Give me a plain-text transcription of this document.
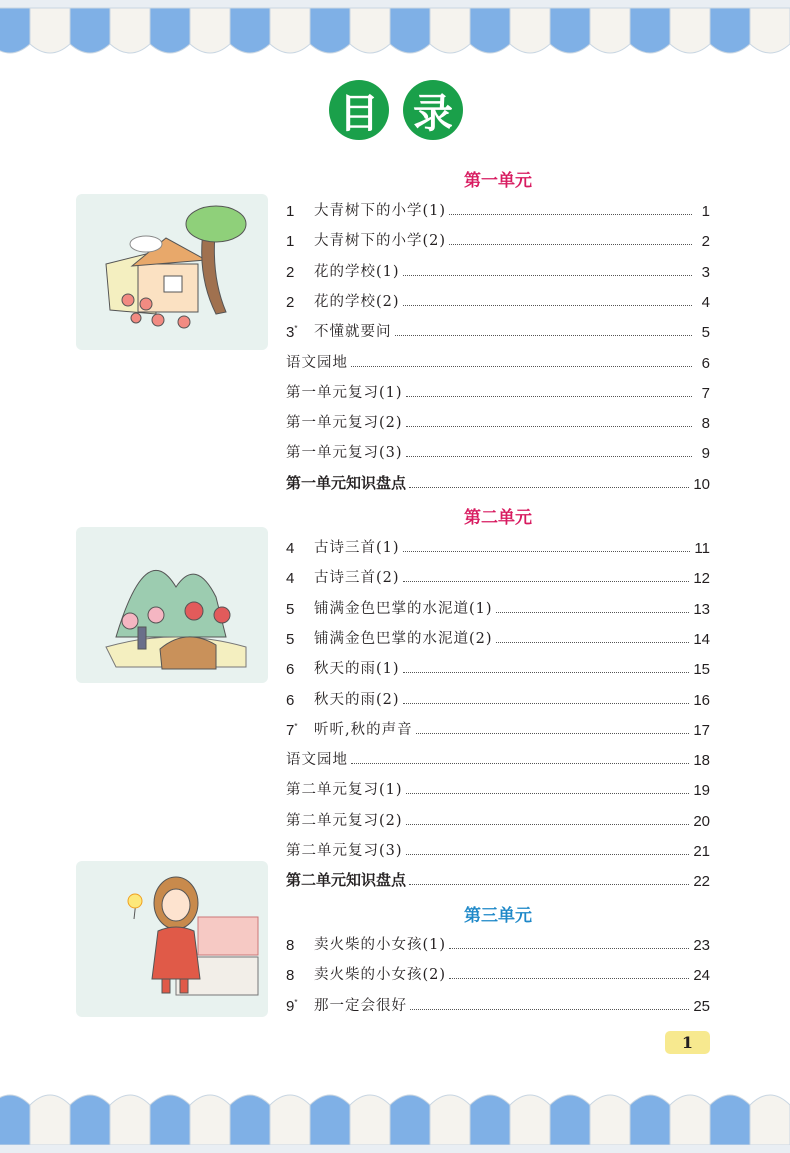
目 录
第一单元
1	大青树下的小学(1)	1
1	大青树下的小学(2)	2
2	花的学校(1)	3
2	花的学校(2)	4
3*	不懂就要问	5
语文园地	6
第一单元复习(1)	7
第一单元复习(2)	8
第一单元复习(3)	9
第一单元知识盘点	10
第二单元
4	古诗三首(1)	11
4	古诗三首(2)	12
5	铺满金色巴掌的水泥道(1)	13
5	铺满金色巴掌的水泥道(2)	14
6	秋天的雨(1)	15
6	秋天的雨(2)	16
7*	听听,秋的声音	17
语文园地	18
第二单元复习(1)	19
第二单元复习(2)	20
第二单元复习(3)	21
第二单元知识盘点	22
第三单元
8	卖火柴的小女孩(1)	23
8	卖火柴的小女孩(2)	24
9*	那一定会很好	25
1
